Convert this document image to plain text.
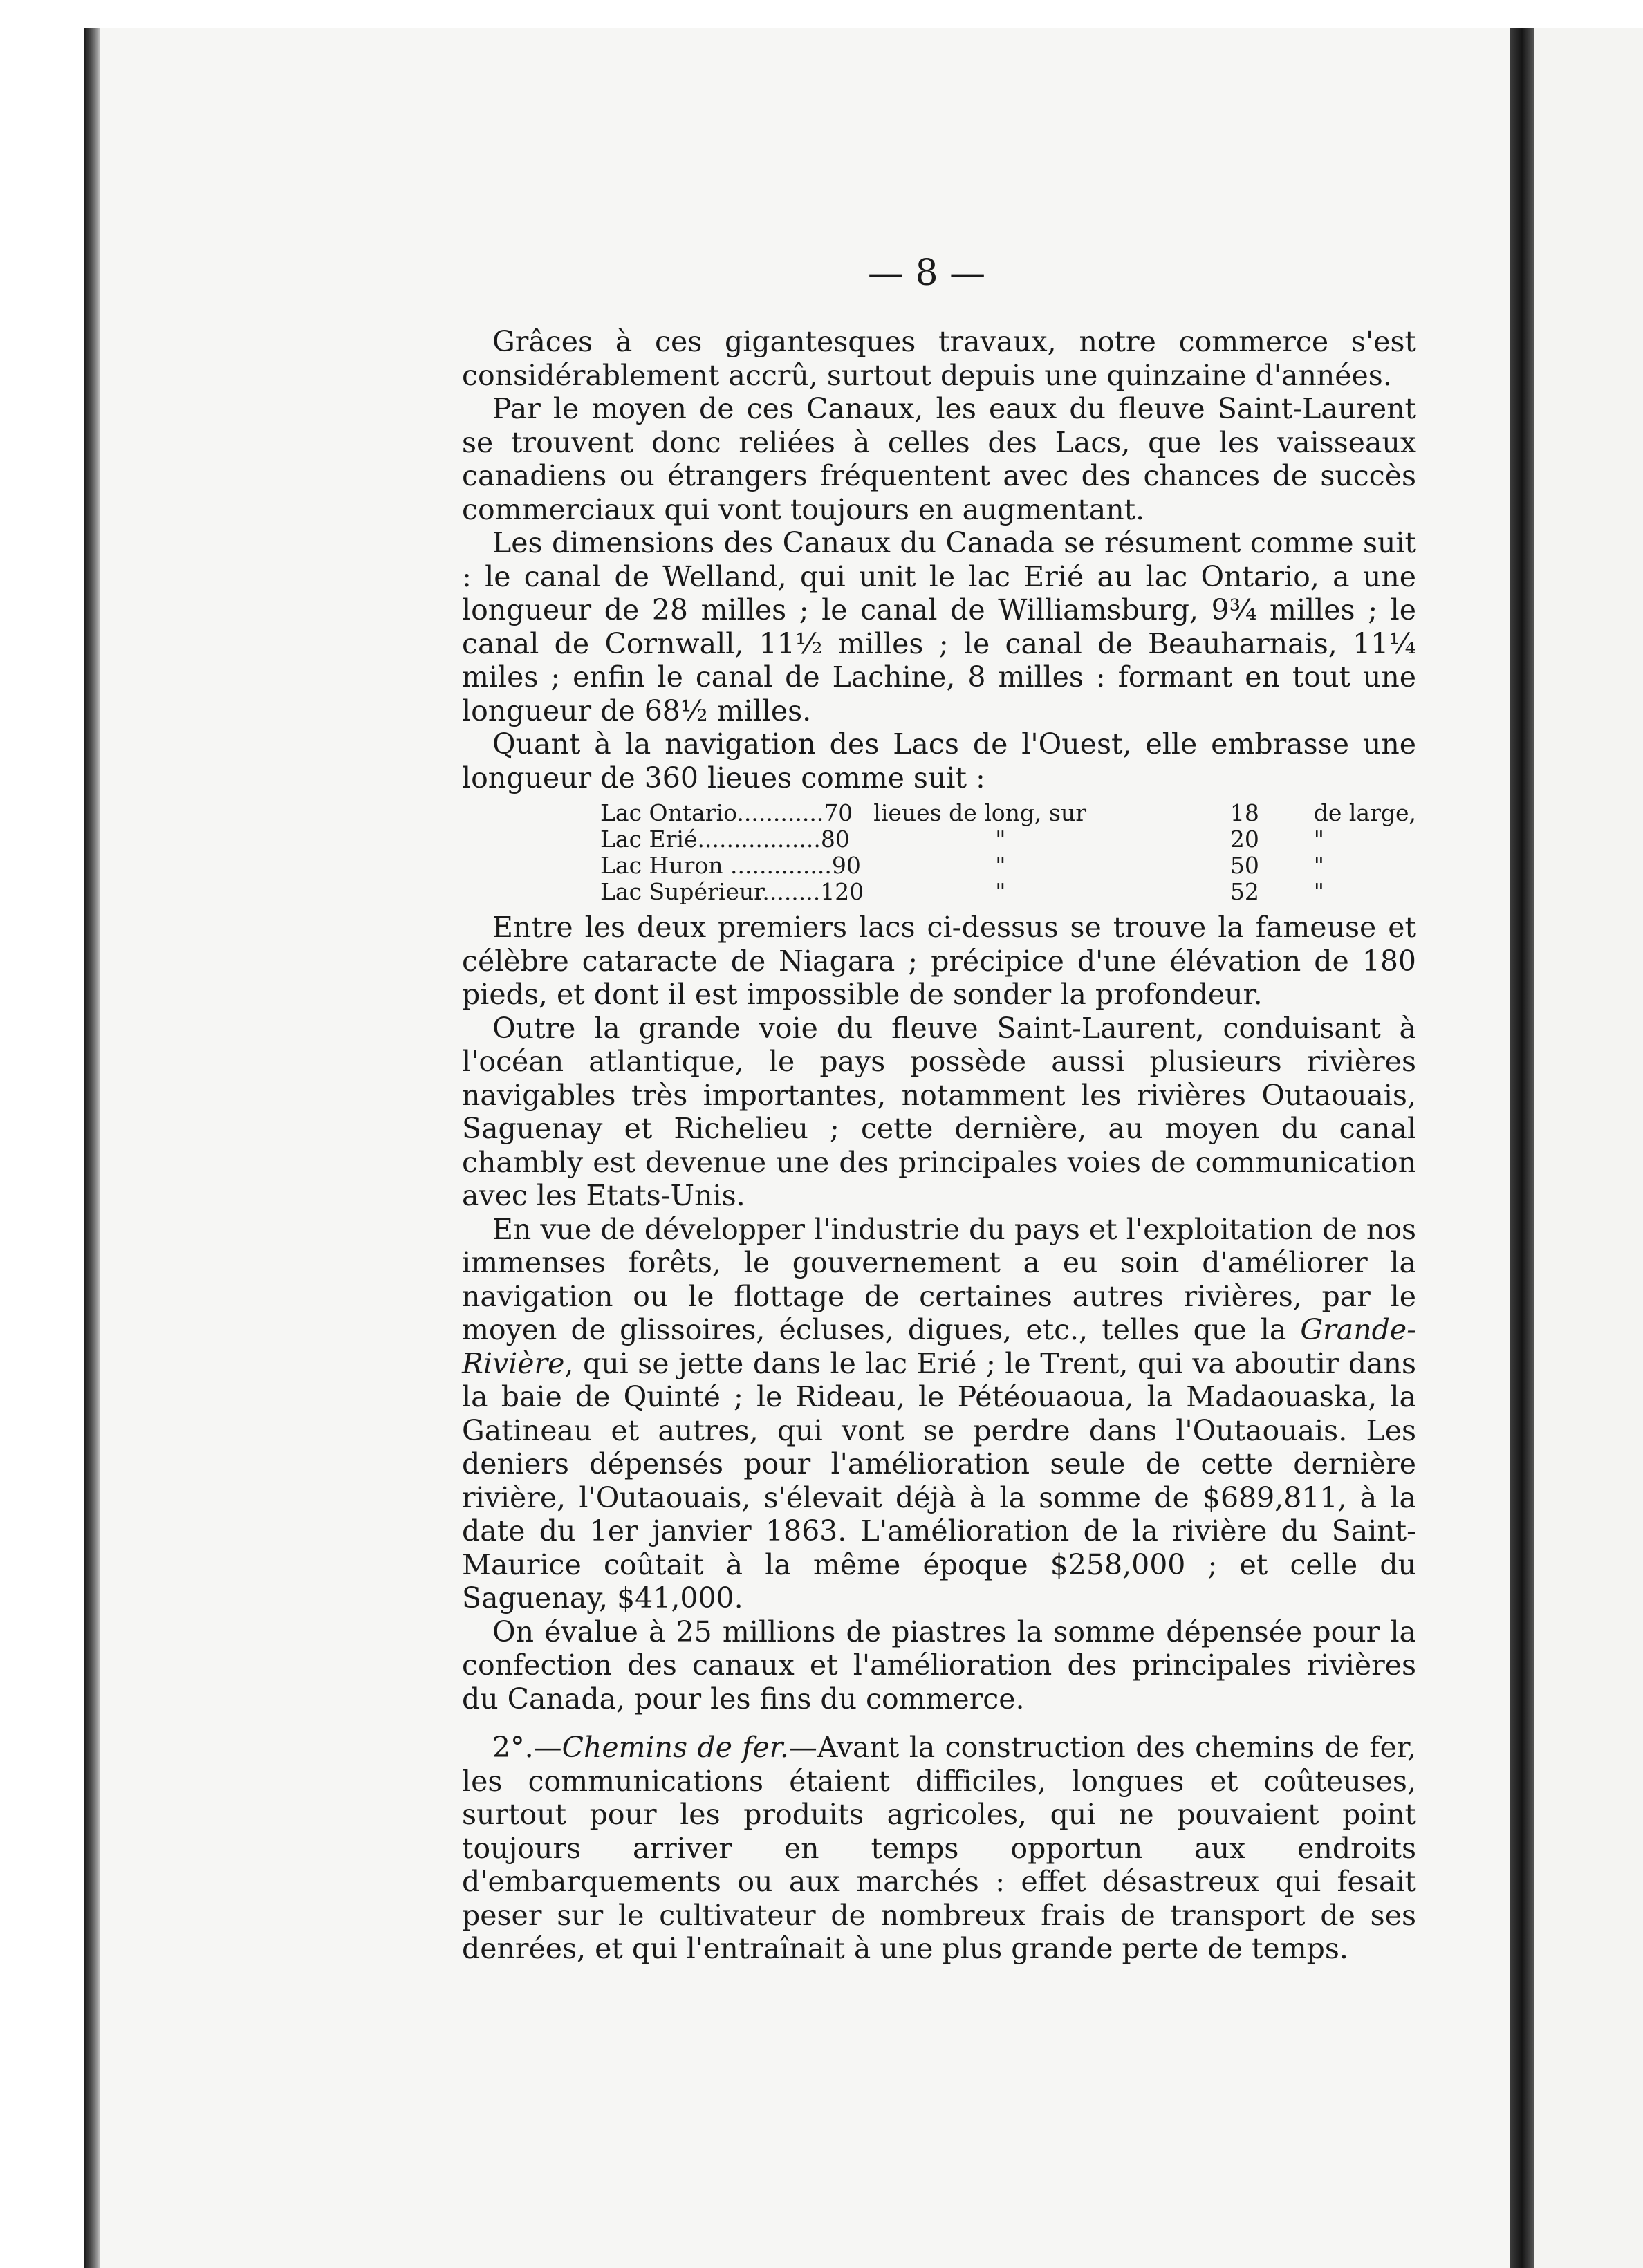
— 8 —

Grâces à ces gigantesques travaux, notre commerce s'est considérablement accrû, surtout depuis une quinzaine d'années.

Par le moyen de ces Canaux, les eaux du fleuve Saint-Laurent se trouvent donc reliées à celles des Lacs, que les vaisseaux canadiens ou étrangers fréquentent avec des chances de succès commerciaux qui vont toujours en augmentant.

Les dimensions des Canaux du Canada se résument comme suit : le canal de Welland, qui unit le lac Erié au lac Ontario, a une longueur de 28 milles ; le canal de Williamsburg, 9¾ milles ; le canal de Cornwall, 11½ milles ; le canal de Beauharnais, 11¼ miles ; enfin le canal de Lachine, 8 milles : formant en tout une longueur de 68½ milles.

Quant à la navigation des Lacs de l'Ouest, elle embrasse une longueur de 360 lieues comme suit :

Lac Ontario............70	lieues de long, sur	18	de large,
Lac Erié.................80	"	20	"
Lac Huron ..............90	"	50	"
Lac Supérieur........120	"	52	"

Entre les deux premiers lacs ci-dessus se trouve la fameuse et célèbre cataracte de Niagara ; précipice d'une élévation de 180 pieds, et dont il est impossible de sonder la profondeur.

Outre la grande voie du fleuve Saint-Laurent, conduisant à l'océan atlantique, le pays possède aussi plusieurs rivières navigables très importantes, notamment les rivières Outaouais, Saguenay et Richelieu ; cette dernière, au moyen du canal chambly est devenue une des principales voies de communication avec les Etats-Unis.

En vue de développer l'industrie du pays et l'exploitation de nos immenses forêts, le gouvernement a eu soin d'améliorer la navigation ou le flottage de certaines autres rivières, par le moyen de glissoires, écluses, digues, etc., telles que la Grande-Rivière, qui se jette dans le lac Erié ; le Trent, qui va aboutir dans la baie de Quinté ; le Rideau, le Pétéouaoua, la Madaouaska, la Gatineau et autres, qui vont se perdre dans l'Outaouais. Les deniers dépensés pour l'amélioration seule de cette dernière rivière, l'Outaouais, s'élevait déjà à la somme de $689,811, à la date du 1er janvier 1863. L'amélioration de la rivière du Saint-Maurice coûtait à la même époque $258,000 ; et celle du Saguenay, $41,000.

On évalue à 25 millions de piastres la somme dépensée pour la confection des canaux et l'amélioration des principales rivières du Canada, pour les fins du commerce.

2°.—Chemins de fer.—Avant la construction des chemins de fer, les communications étaient difficiles, longues et coûteuses, surtout pour les produits agricoles, qui ne pouvaient point toujours arriver en temps opportun aux endroits d'embarquements ou aux marchés : effet désastreux qui fesait peser sur le cultivateur de nombreux frais de transport de ses denrées, et qui l'entraînait à une plus grande perte de temps.
